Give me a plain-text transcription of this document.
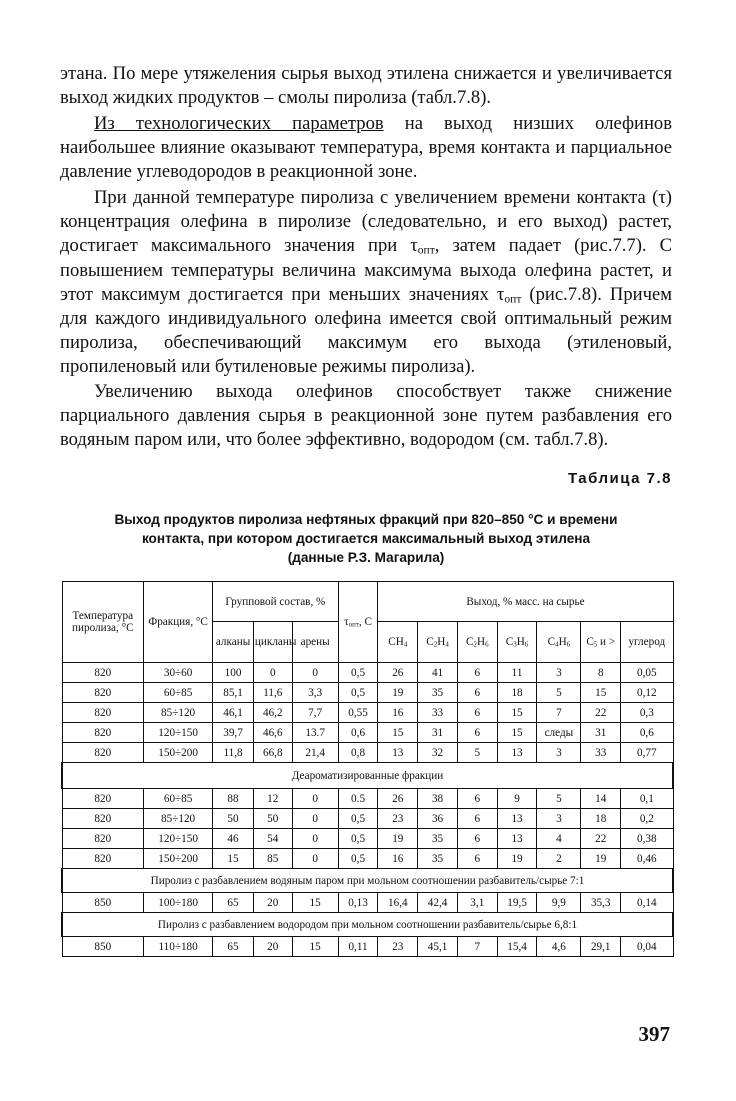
этана. По мере утяжеления сырья выход этилена снижается и увеличивается выход жидких продуктов – смолы пиролиза (табл.7.8).

Из технологических параметров на выход низших олефинов наибольшее влияние оказывают температура, время контакта и парциальное давление углеводородов в реакционной зоне.

При данной температуре пиролиза с увеличением времени контакта (τ) концентрация олефина в пиролизе (следовательно, и его выход) растет, достигает максимального значения при $\tau_{опт}$, затем падает (рис.7.7). С повышением температуры величина максимума выхода олефина растет, и этот максимум достигается при меньших значениях $\tau_{опт}$ (рис.7.8). Причем для каждого индивидуального олефина имеется свой оптимальный режим пиролиза, обеспечивающий максимум его выхода (этиленовый, пропиленовый или бутиленовые режимы пиролиза).

Увеличению выхода олефинов способствует также снижение парциального давления сырья в реакционной зоне путем разбавления его водяным паром или, что более эффективно, водородом (см. табл.7.8).

Таблица 7.8
Выход продуктов пиролиза нефтяных фракций при 820–850 °С и времени
контакта, при котором достигается максимальный выход этилена
(данные Р.З. Магарила)
Температура пиролиза, °С	Фракция, °С	Групповой состав, %			$\tau_{опт}$, С	Выход, % масс. на сырье						
		алканы	цикланы	арены		$CH_4$	$C_2H_4$	$C_2H_6$	$C_3H_6$	$C_4H_6$	$C_5$ и >	углерод
820	30÷60	100	0	0	0,5	26	41	6	11	3	8	0,05
820	60÷85	85,1	11,6	3,3	0,5	19	35	6	18	5	15	0,12
820	85÷120	46,1	46,2	7,7	0,55	16	33	6	15	7	22	0,3
820	120÷150	39,7	46,6	13.7	0,6	15	31	6	15	следы	31	0,6
820	150÷200	11,8	66,8	21,4	0,8	13	32	5	13	3	33	0,77
Деароматизированные фракции												
820	60÷85	88	12	0	0.5	26	38	6	9	5	14	0,1
820	85÷120	50	50	0	0,5	23	36	6	13	3	18	0,2
820	120÷150	46	54	0	0,5	19	35	6	13	4	22	0,38
820	150÷200	15	85	0	0,5	16	35	6	19	2	19	0,46
Пиролиз с разбавлением водяным паром при мольном соотношении разбавитель/сырье 7:1												
850	100÷180	65	20	15	0,13	16,4	42,4	3,1	19,5	9,9	35,3	0,14
Пиролиз с разбавлением водородом при мольном соотношении разбавитель/сырье 6,8:1												
850	110÷180	65	20	15	0,11	23	45,1	7	15,4	4,6	29,1	0,04
397
